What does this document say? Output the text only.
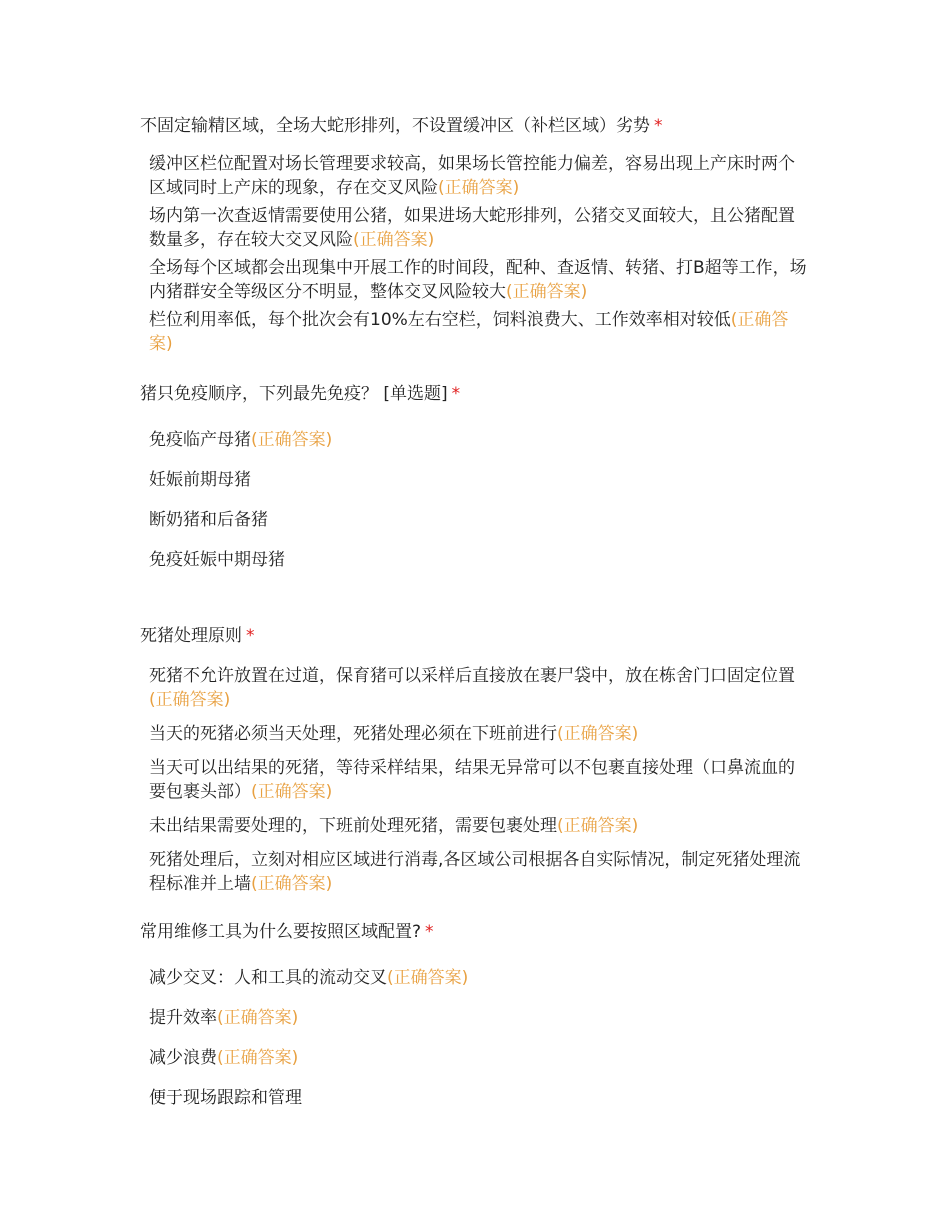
不固定输精区域，全场大蛇形排列，不设置缓冲区（补栏区域）劣势 *

缓冲区栏位配置对场长管理要求较高，如果场长管控能力偏差，容易出现上产床时两个区域同时上产床的现象，存在交叉风险(正确答案)
场内第一次查返情需要使用公猪，如果进场大蛇形排列，公猪交叉面较大，且公猪配置数量多，存在较大交叉风险(正确答案)
全场每个区域都会出现集中开展工作的时间段，配种、查返情、转猪、打B超等工作，场内猪群安全等级区分不明显，整体交叉风险较大(正确答案)
栏位利用率低，每个批次会有10%左右空栏，饲料浪费大、工作效率相对较低(正确答案)

猪只免疫顺序，下列最先免疫？ [单选题] *

免疫临产母猪(正确答案)
妊娠前期母猪
断奶猪和后备猪
免疫妊娠中期母猪

死猪处理原则 *

死猪不允许放置在过道，保育猪可以采样后直接放在裹尸袋中，放在栋舍门口固定位置(正确答案)
当天的死猪必须当天处理，死猪处理必须在下班前进行(正确答案)
当天可以出结果的死猪，等待采样结果，结果无异常可以不包裹直接处理（口鼻流血的要包裹头部）(正确答案)
未出结果需要处理的，下班前处理死猪，需要包裹处理(正确答案)
死猪处理后，立刻对相应区域进行消毒,各区域公司根据各自实际情况，制定死猪处理流程标准并上墙(正确答案)

常用维修工具为什么要按照区域配置? *

减少交叉：人和工具的流动交叉(正确答案)
提升效率(正确答案)
减少浪费(正确答案)
便于现场跟踪和管理
